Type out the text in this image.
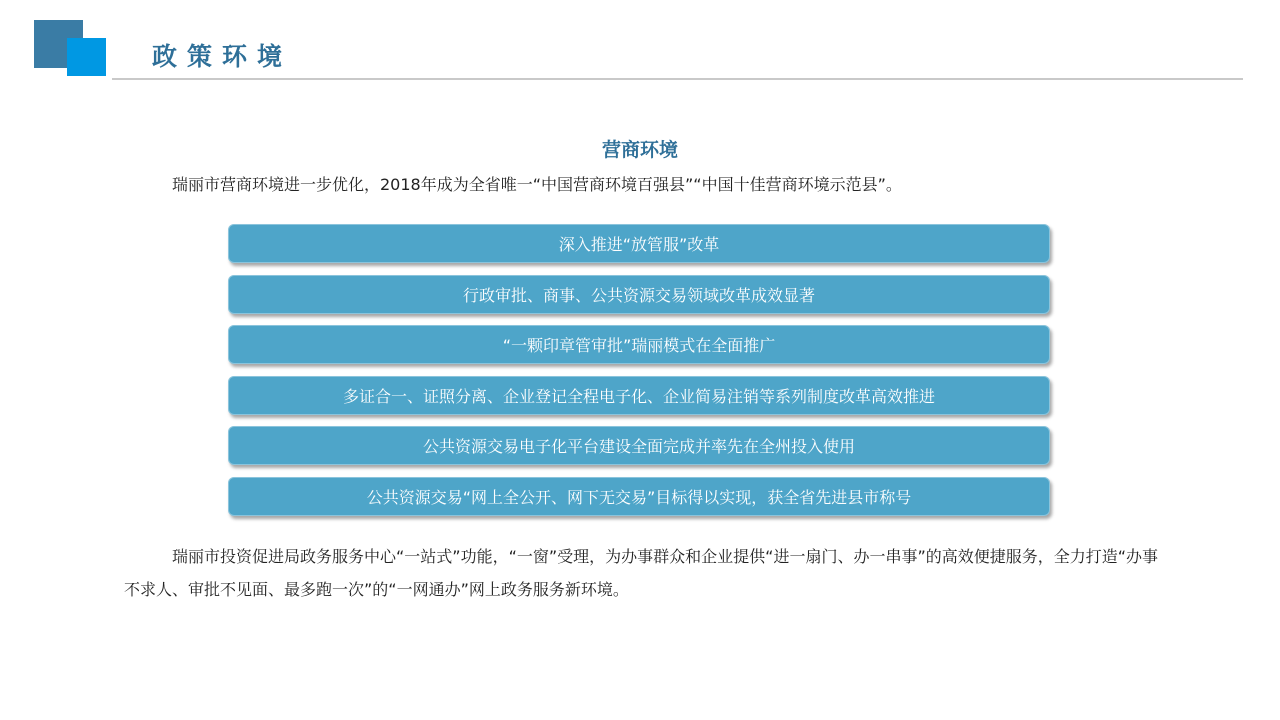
政策环境
营商环境
瑞丽市营商环境进一步优化，2018年成为全省唯一“中国营商环境百强县”“中国十佳营商环境示范县”。
深入推进“放管服”改革
行政审批、商事、公共资源交易领域改革成效显著
“一颗印章管审批”瑞丽模式在全面推广
多证合一、证照分离、企业登记全程电子化、企业简易注销等系列制度改革高效推进
公共资源交易电子化平台建设全面完成并率先在全州投入使用
公共资源交易“网上全公开、网下无交易”目标得以实现，获全省先进县市称号
瑞丽市投资促进局政务服务中心“一站式”功能，“一窗”受理，为办事群众和企业提供“进一扇门、办一串事”的高效便捷服务，全力打造“办事不求人、审批不见面、最多跑一次”的“一网通办”网上政务服务新环境。
